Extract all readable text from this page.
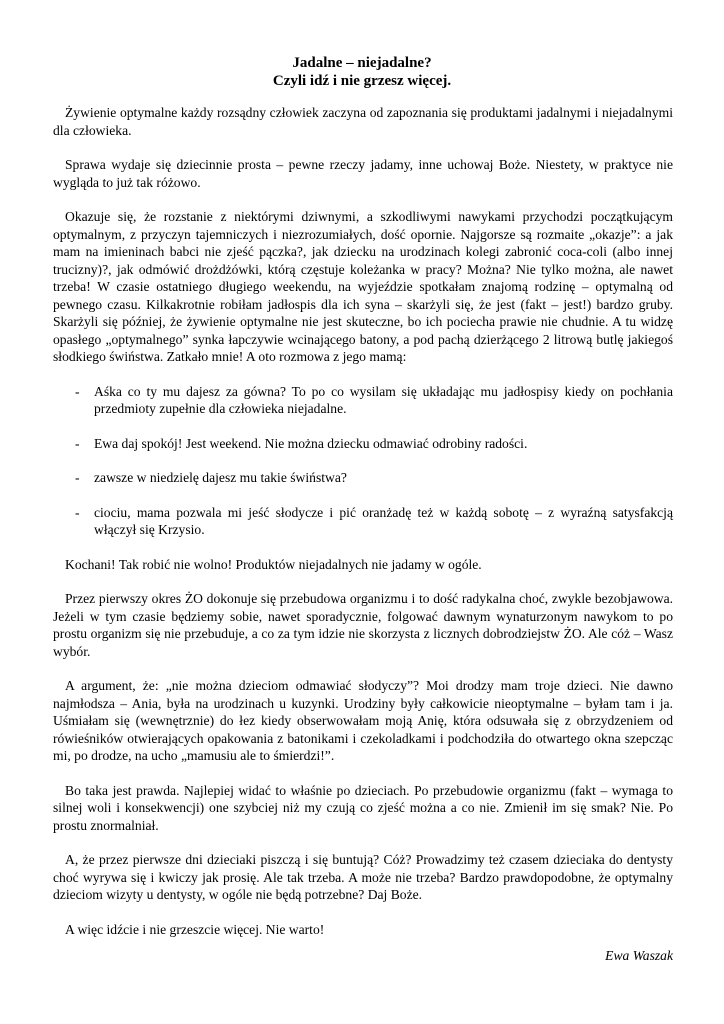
Jadalne – niejadalne?
Czyli idź i nie grzesz więcej.

Żywienie optymalne każdy rozsądny człowiek zaczyna od zapoznania się produktami jadalnymi i niejadalnymi dla człowieka.

Sprawa wydaje się dziecinnie prosta – pewne rzeczy jadamy, inne uchowaj Boże. Niestety, w praktyce nie wygląda to już tak różowo.

Okazuje się, że rozstanie z niektórymi dziwnymi, a szkodliwymi nawykami przychodzi początkującym optymalnym, z przyczyn tajemniczych i niezrozumiałych, dość opornie. Najgorsze są rozmaite „okazje”: a jak mam na imieninach babci nie zjeść pączka?, jak dziecku na urodzinach kolegi zabronić coca-coli (albo innej trucizny)?, jak odmówić drożdżówki, którą częstuje koleżanka w pracy? Można? Nie tylko można, ale nawet trzeba! W czasie ostatniego długiego weekendu, na wyjeździe spotkałam znajomą rodzinę – optymalną od pewnego czasu. Kilkakrotnie robiłam jadłospis dla ich syna – skarżyli się, że jest (fakt – jest!) bardzo gruby. Skarżyli się później, że żywienie optymalne nie jest skuteczne, bo ich pociecha prawie nie chudnie. A tu widzę opasłego „optymalnego” synka łapczywie wcinającego batony, a pod pachą dzierżącego 2 litrową butlę jakiegoś słodkiego świństwa. Zatkało mnie! A oto rozmowa z jego mamą:

- Aśka co ty mu dajesz za gówna? To po co wysilam się układając mu jadłospisy kiedy on pochłania przedmioty zupełnie dla człowieka niejadalne.
- Ewa daj spokój! Jest weekend. Nie można dziecku odmawiać odrobiny radości.
- zawsze w niedzielę dajesz mu takie świństwa?
- ciociu, mama pozwala mi jeść słodycze i pić oranżadę też w każdą sobotę – z wyraźną satysfakcją włączył się Krzysio.

Kochani! Tak robić nie wolno! Produktów niejadalnych nie jadamy w ogóle.

Przez pierwszy okres ŻO dokonuje się przebudowa organizmu i to dość radykalna choć, zwykle bezobjawowa. Jeżeli w tym czasie będziemy sobie, nawet sporadycznie, folgować dawnym wynaturzonym nawykom to po prostu organizm się nie przebuduje, a co za tym idzie nie skorzysta z licznych dobrodziejstw ŻO. Ale cóż – Wasz wybór.

A argument, że: „nie można dzieciom odmawiać słodyczy”? Moi drodzy mam troje dzieci. Nie dawno najmłodsza – Ania, była na urodzinach u kuzynki. Urodziny były całkowicie nieoptymalne – byłam tam i ja. Uśmiałam się (wewnętrznie) do łez kiedy obserwowałam moją Anię, która odsuwała się z obrzydzeniem od rówieśników otwierających opakowania z batonikami i czekoladkami i podchodziła do otwartego okna szepcząc mi, po drodze, na ucho „mamusiu ale to śmierdzi!”.

Bo taka jest prawda. Najlepiej widać to właśnie po dzieciach. Po przebudowie organizmu (fakt – wymaga to silnej woli i konsekwencji) one szybciej niż my czują co zjeść można a co nie. Zmienił im się smak? Nie. Po prostu znormalniał.

A, że przez pierwsze dni dzieciaki piszczą i się buntują? Cóż? Prowadzimy też czasem dzieciaka do dentysty choć wyrywa się i kwiczy jak prosię. Ale tak trzeba. A może nie trzeba? Bardzo prawdopodobne, że optymalny dzieciom wizyty u dentysty, w ogóle nie będą potrzebne? Daj Boże.

A więc idźcie i nie grzeszcie więcej. Nie warto!

Ewa Waszak
